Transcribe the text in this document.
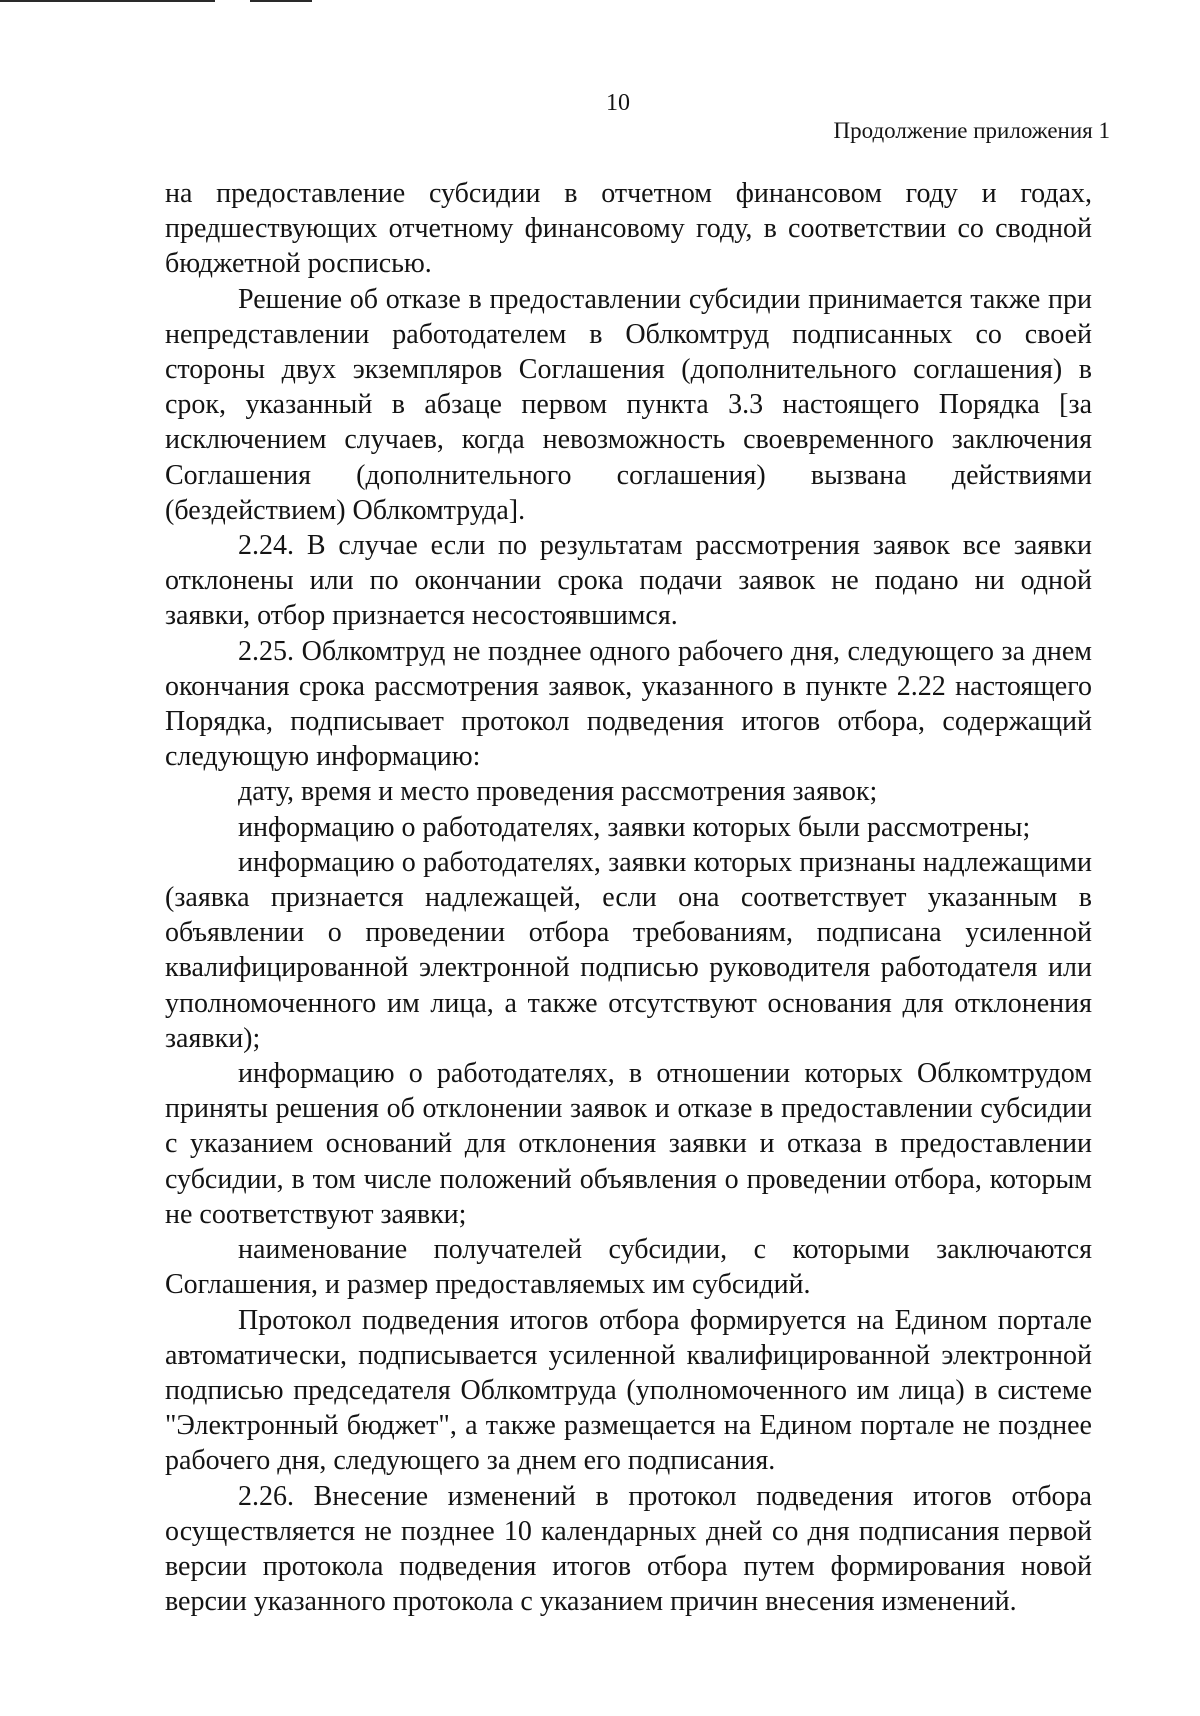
10
Продолжение приложения 1

на предоставление субсидии в отчетном финансовом году и годах, предшествующих отчетному финансовому году, в соответствии со сводной бюджетной росписью.

Решение об отказе в предоставлении субсидии принимается также при непредставлении работодателем в Облкомтруд подписанных со своей стороны двух экземпляров Соглашения (дополнительного соглашения) в срок, указанный в абзаце первом пункта 3.3 настоящего Порядка [за исключением случаев, когда невозможность своевременного заключения Соглашения (дополнительного соглашения) вызвана действиями (бездействием) Облкомтруда].

2.24. В случае если по результатам рассмотрения заявок все заявки отклонены или по окончании срока подачи заявок не подано ни одной заявки, отбор признается несостоявшимся.

2.25. Облкомтруд не позднее одного рабочего дня, следующего за днем окончания срока рассмотрения заявок, указанного в пункте 2.22 настоящего Порядка, подписывает протокол подведения итогов отбора, содержащий следующую информацию:

дату, время и место проведения рассмотрения заявок;

информацию о работодателях, заявки которых были рассмотрены;

информацию о работодателях, заявки которых признаны надлежащими (заявка признается надлежащей, если она соответствует указанным в объявлении о проведении отбора требованиям, подписана усиленной квалифицированной электронной подписью руководителя работодателя или уполномоченного им лица, а также отсутствуют основания для отклонения заявки);

информацию о работодателях, в отношении которых Облкомтрудом приняты решения об отклонении заявок и отказе в предоставлении субсидии с указанием оснований для отклонения заявки и отказа в предоставлении субсидии, в том числе положений объявления о проведении отбора, которым не соответствуют заявки;

наименование получателей субсидии, с которыми заключаются Соглашения, и размер предоставляемых им субсидий.

Протокол подведения итогов отбора формируется на Едином портале автоматически, подписывается усиленной квалифицированной электронной подписью председателя Облкомтруда (уполномоченного им лица) в системе "Электронный бюджет", а также размещается на Едином портале не позднее рабочего дня, следующего за днем его подписания.

2.26. Внесение изменений в протокол подведения итогов отбора осуществляется не позднее 10 календарных дней со дня подписания первой версии протокола подведения итогов отбора путем формирования новой версии указанного протокола с указанием причин внесения изменений.
